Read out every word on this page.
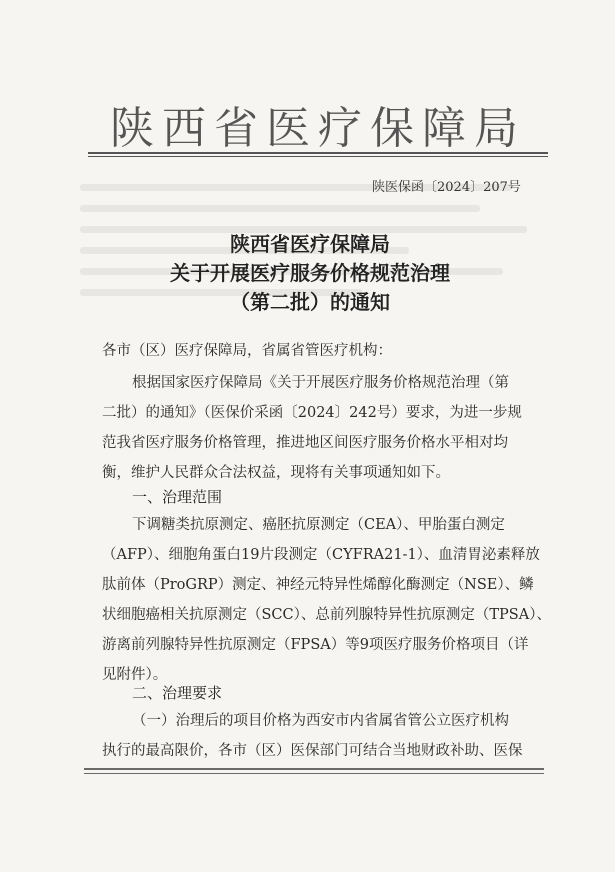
陕西省医疗保障局
陕医保函〔2024〕207号
陕西省医疗保障局
关于开展医疗服务价格规范治理
（第二批）的通知
各市（区）医疗保障局，省属省管医疗机构：
根据国家医疗保障局《关于开展医疗服务价格规范治理（第
二批）的通知》（医保价采函〔2024〕242号）要求，为进一步规
范我省医疗服务价格管理，推进地区间医疗服务价格水平相对均
衡，维护人民群众合法权益，现将有关事项通知如下。
一、治理范围
下调糖类抗原测定、癌胚抗原测定（CEA）、甲胎蛋白测定
（AFP）、细胞角蛋白19片段测定（CYFRA21-1）、血清胃泌素释放
肽前体（ProGRP）测定、神经元特异性烯醇化酶测定（NSE）、鳞
状细胞癌相关抗原测定（SCC）、总前列腺特异性抗原测定（TPSA）、
游离前列腺特异性抗原测定（FPSA）等9项医疗服务价格项目（详
见附件）。
二、治理要求
（一）治理后的项目价格为西安市内省属省管公立医疗机构
执行的最高限价，各市（区）医保部门可结合当地财政补助、医保
